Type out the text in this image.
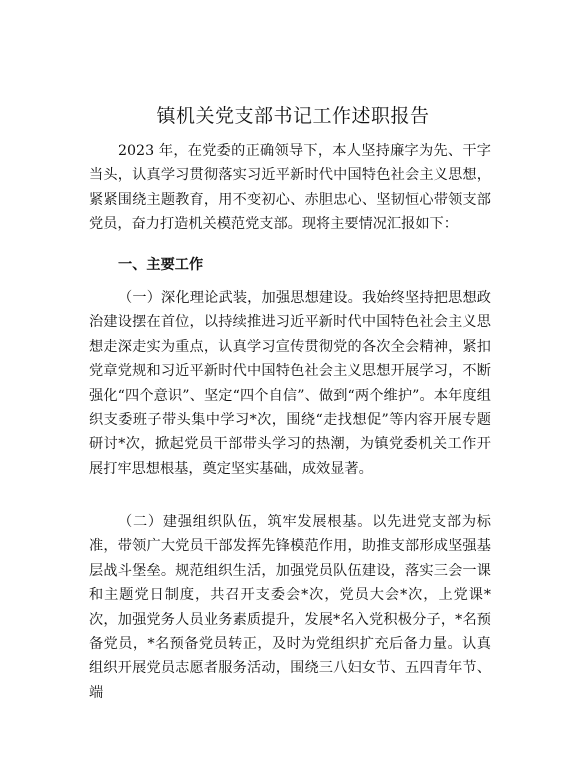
镇机关党支部书记工作述职报告

2023 年，在党委的正确领导下，本人坚持廉字为先、干字当头，认真学习贯彻落实习近平新时代中国特色社会主义思想，紧紧围绕主题教育，用不变初心、赤胆忠心、坚韧恒心带领支部党员，奋力打造机关模范党支部。现将主要情况汇报如下：

一、主要工作

（一）深化理论武装，加强思想建设。我始终坚持把思想政治建设摆在首位，以持续推进习近平新时代中国特色社会主义思想走深走实为重点，认真学习宣传贯彻党的各次全会精神，紧扣党章党规和习近平新时代中国特色社会主义思想开展学习，不断强化“四个意识”、坚定“四个自信”、做到“两个维护”。本年度组织支委班子带头集中学习*次，围绕“走找想促”等内容开展专题研讨*次，掀起党员干部带头学习的热潮，为镇党委机关工作开展打牢思想根基，奠定坚实基础，成效显著。

（二）建强组织队伍，筑牢发展根基。以先进党支部为标准，带领广大党员干部发挥先锋模范作用，助推支部形成坚强基层战斗堡垒。规范组织生活，加强党员队伍建设，落实三会一课和主题党日制度，共召开支委会*次，党员大会*次，上党课*次，加强党务人员业务素质提升，发展*名入党积极分子，*名预备党员，*名预备党员转正，及时为党组织扩充后备力量。认真组织开展党员志愿者服务活动，围绕三八妇女节、五四青年节、端
